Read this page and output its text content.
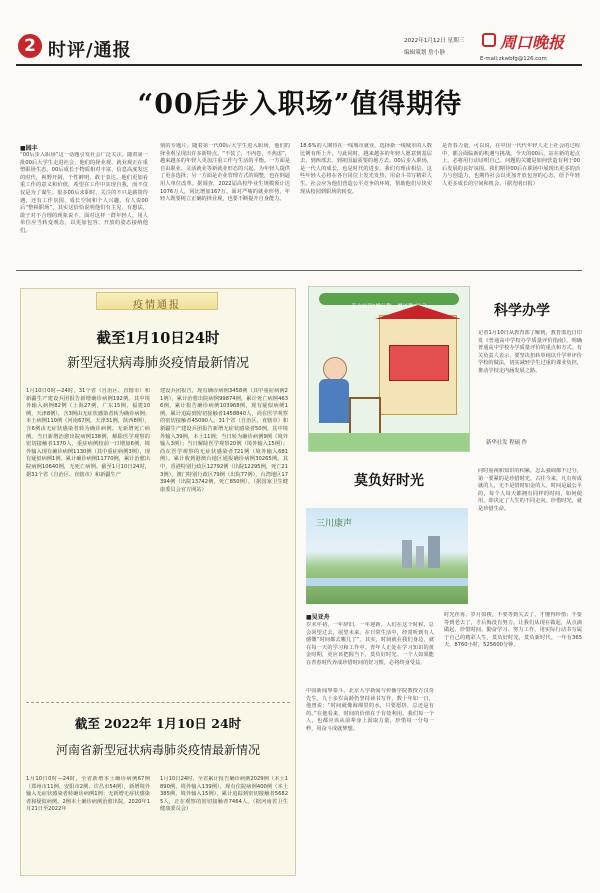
2 时评/通报	2022年1月12日 星期三
编辑策划 詹小静
周口晚报
E-mail:zkwbfg@126.com
“00后步入职场”值得期待
■园丰
“00后步入职场”这一话题引发社会广泛关注。随着第一批00后大学生走进社会，他们的择业观、就业观正在重塑职场生态。00后成长于物质相对丰富、信息高度发达的时代，视野开阔，个性鲜明，敢于表达。他们更加看重工作的意义和价值，希望在工作中实现自我，而不仅仅是为了谋生。很多00后求职时，关注的不只是薪资待遇，还有工作氛围、成长空间和个人兴趣。有人说00后“整顿职场”，其实这恰恰说明他们有主见、有想法，敢于对不合理的现象说不。面对这样一群年轻人，用人单位应当转变观念，以更加包容、开放的姿态接纳他们。
刻的专题片。随着第一代00后大学生进入职场，他们的择业观呈现出许多新特点。“不装了，不内卷，不焦虑”，越来越多的年轻人更加注重工作与生活的平衡。一方面是自由职业、灵活就业等新就业形态的兴起，为年轻人提供了更多选择；另一方面是企业管理方式的调整，也在倒逼用人单位改革。据调查，2022届高校毕业生规模预计达1076万人，同比增加167万。面对严峻的就业形势，年轻人既要树立正确的择业观，也要不断提升自身能力。
18.6%的人期待在一线城市就业，选择新一线城市的人数比例有所上升。与此同时，越来越多的年轻人愿意到基层去、到西部去、到祖国最需要的地方去。00后步入职场，是一代人的成长，也是时代的进步。我们有理由相信，这些年轻人必将在各自岗位上发光发热，用奋斗书写精彩人生。社会应为他们营造公平竞争的环境，帮助他们尽快实现从校园到职场的转变。
是青春力量。可以说，在中国一代代年轻人走上社会的过程中，都会面临新的机遇与挑战。今天的00后，站在新的起点上，必将用行动证明自己。问题的关键是如何营造有利于00后发展的良好氛围。我们期待00后在职场中展现出更多的活力与创造力，也期待社会以更加开放包容的心态，给予年轻人更多成长的空间和机会。（据光明日报）
疫情通报
截至1月10日24时
新型冠状病毒肺炎疫情最新情况
1月10日0时—24时，31个省（自治区、直辖市）和新疆生产建设兵团报告新增确诊病例192例。其中境外输入病例82例（上海27例，广东15例，福建10例，天津8例），含3例由无症状感染者转为确诊病例；本土病例110例（河南67例，天津31例，陕西8例），含6例由无症状感染者转为确诊病例。无新增死亡病例。当日新增治愈出院病例138例，解除医学观察的密切接触者1370人，重症病例较前一日增加6例。境外输入现有确诊病例1130例（其中重症病例3例），现有疑似病例1例。累计确诊病例11770例，累计治愈出院病例10640例，无死亡病例。截至1月10日24时，据31个省（自治区、直辖市）和新疆生产
建设兵团报告，现有确诊病例3458例（其中重症病例21例），累计治愈出院病例99874例，累计死亡病例4636例，累计报告确诊病例103968例，现有疑似病例1例。累计追踪到密切接触者1458840人，尚在医学观察的密切接触者45090人。31个省（自治区、直辖市）和新疆生产建设兵团报告新增无症状感染者50例，其中境外输入39例，本土11例；当日转为确诊病例9例（境外输入3例）；当日解除医学观察20例（境外输入15例）；尚在医学观察的无症状感染者721例（境外输入681例）。累计收到港澳台地区通报确诊病例30265例。其中，香港特别行政区12792例（出院12295例，死亡213例），澳门特别行政区79例（出院77例），台湾地区17394例（出院13742例，死亡850例）。（据国家卫生健康委员会官方网站）
截至 2022年 1月10日 24时
河南省新型冠状病毒肺炎疫情最新情况
1月10日0时—24时，全省新增本土确诊病例67例（郑州市11例、安阳市2例、许昌市54例），新增境外输入无症状感染者转确诊病例1例；无新增无症状感染者和疑似病例，2例本土确诊病例治愈出院。2020年1月21日至2022年
1月10日24时，全省累计报告确诊病例2029例（本土1890例、境外输入139例），现有住院病例400例（本土385例、境外输入15例），累计追踪到密切接触者56825人，正在观察的密切接触者7464人。（据河南省卫生健康委员会）
着力实现“增分数、增兴趣”综合	科学办学
记者1月10日从教育部了解到，教育部近日印发《普通高中学校办学质量评价指南》，明确普通高中学校办学质量评价的重点和方式。有关负责人表示，要坚决扭转单纯以升学率评价学校的做法，切实减轻学生过重的课业负担，推动学校走内涵发展之路。
新华社发 程硕 作
莫负好时光
三川康声
同时重视和知识的积累，怎么强调都不过分，第一要紧的是珍惜时光。古往今来，凡有所成就的人，无不是惜时如金的人。时间是最公平的，每个人每天都拥有同样的时间，如何使用，却决定了人生的不同走向。珍惜时光，就是珍惜生命。
■吴亚舟
岁末年初，一年辞旧，一年迎新。人们在这个时候，总会回望过去，展望未来。在日常生活中，经常听到有人感慨“时间都去哪儿了”。其实，时间就在我们身边，就在每一天的学习和工作中。青年人正处在学习知识的黄金时期，更应该把握当下，莫负好时光。一个人如果能在青春时代养成珍惜时间的好习惯，必将终身受益。
中国新闻界泰斗、北京大学新闻与传播学院教授方汉奇先生，九十多岁高龄仍坚持读书写作，数十年如一日，他曾说：“时间就像海绵里的水，只要愿挤，总还是有的。”在他看来，时间的价值在于有效利用。我们每一个人，也都应该从前辈身上汲取力量，珍惜每一分每一秒，用奋斗成就梦想。
时光荏苒，岁月如梭。不要等到失去了，才懂得珍惜；不要等到老去了，才后悔没有努力。让我们从现在做起，从点滴做起，珍惜时间、勤奋学习、努力工作，用实际行动书写属于自己的精彩人生，莫负好时光，莫负新时代。一年有365天，8760小时，525600分钟。
